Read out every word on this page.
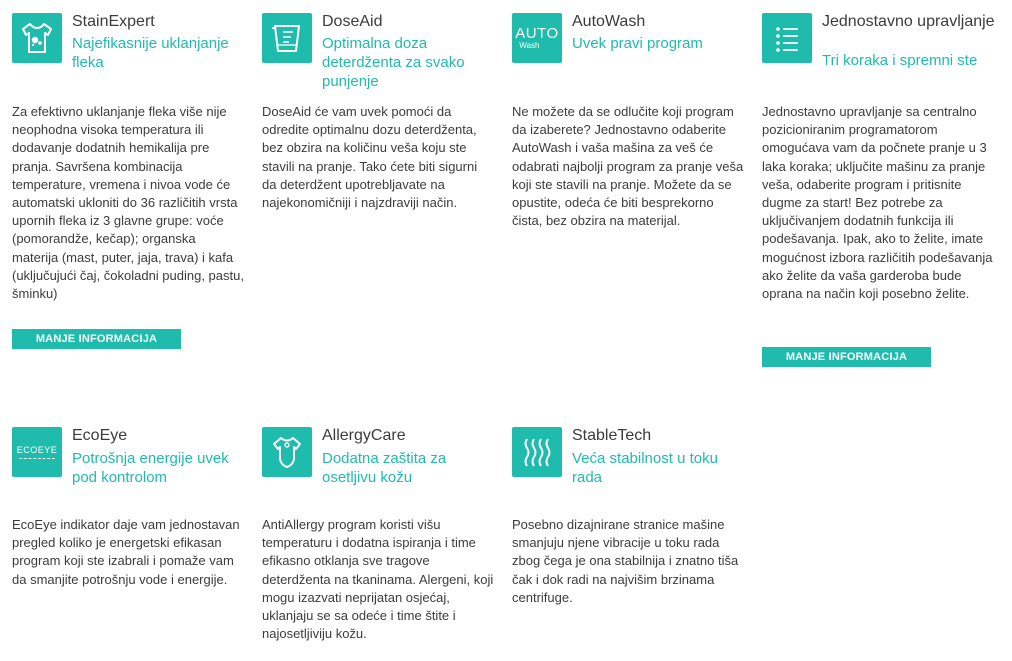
StainExpert

Najefikasnije uklanjanje fleka

Za efektivno uklanjanje fleka više nije neophodna visoka temperatura ili dodavanje dodatnih hemikalija pre pranja. Savršena kombinacija temperature, vremena i nivoa vode će automatski ukloniti do 36 različitih vrsta upornih fleka iz 3 glavne grupe: voće (pomorandže, kečap); organska materija (mast, puter, jaja, trava) i kafa (uključujući čaj, čokoladni puding, pastu, šminku)

MANJE INFORMACIJA
DoseAid

Optimalna doza deterdženta za svako punjenje

DoseAid će vam uvek pomoći da odredite optimalnu dozu deterdženta, bez obzira na količinu veša koju ste stavili na pranje. Tako ćete biti sigurni da deterdžent upotrebljavate na najekonomičniji i najzdraviji način.

AUTO
Wash
AutoWash

Uvek pravi program

Ne možete da se odlučite koji program da izaberete? Jednostavno odaberite AutoWash i vaša mašina za veš će odabrati najbolji program za pranje veša koji ste stavili na pranje. Možete da se opustite, odeća će biti besprekorno čista, bez obzira na materijal.

Jednostavno upravljanje

Tri koraka i spremni ste

Jednostavno upravljanje sa centralno pozicioniranim programatorom omogućava vam da počnete pranje u 3 laka koraka; uključite mašinu za pranje veša, odaberite program i pritisnite dugme za start! Bez potrebe za uključivanjem dodatnih funkcija ili podešavanja. Ipak, ako to želite, imate mogućnost izbora različitih podešavanja ako želite da vaša garderoba bude oprana na način koji posebno želite.

MANJE INFORMACIJA
ECOEYE
EcoEye

Potrošnja energije uvek pod kontrolom

EcoEye indikator daje vam jednostavan pregled koliko je energetski efikasan program koji ste izabrali i pomaže vam da smanjite potrošnju vode i energije.

AllergyCare

Dodatna zaštita za osetljivu kožu

AntiAllergy program koristi višu temperaturu i dodatna ispiranja i time efikasno otklanja sve tragove deterdženta na tkaninama. Alergeni, koji mogu izazvati neprijatan osjećaj, uklanjaju se sa odeće i time štite i najosetljiviju kožu.

StableTech

Veća stabilnost u toku rada

Posebno dizajnirane stranice mašine smanjuju njene vibracije u toku rada zbog čega je ona stabilnija i znatno tiša čak i dok radi na najvišim brzinama centrifuge.
